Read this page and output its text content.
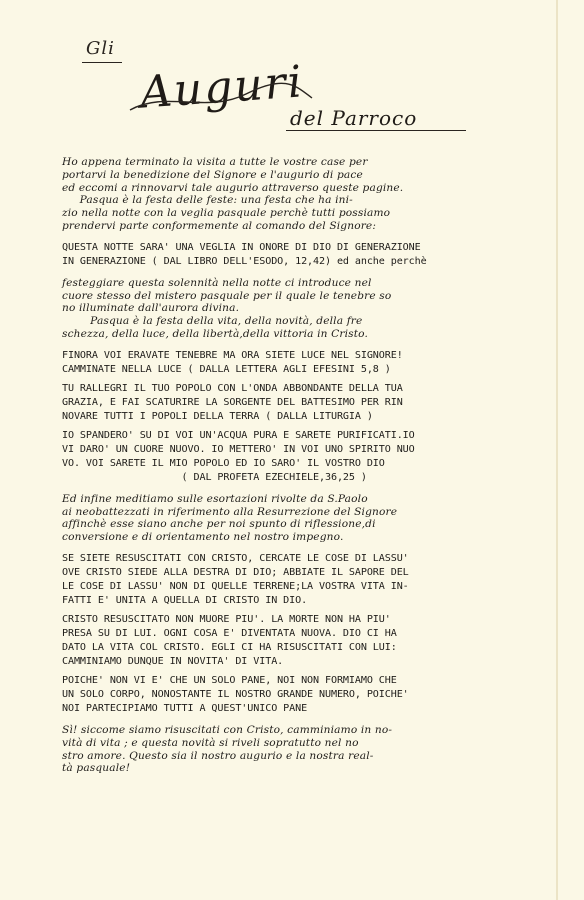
Gli
Auguri
del Parroco
Ho appena terminato la visita a tutte le vostre case per
portarvi la benedizione del Signore e l'augurio di pace
ed eccomi a rinnovarvi tale augurio attraverso queste pagine.
Pasqua è la festa delle feste: una festa che ha ini-
zio nella notte con la veglia pasquale perchè tutti possiamo
prendervi parte conformemente al comando del Signore:
QUESTA NOTTE SARA' UNA VEGLIA IN ONORE DI DIO DI GENERAZIONE
IN GENERAZIONE ( DAL LIBRO DELL'ESODO, 12,42) ed anche perchè
festeggiare questa solennità nella notte ci introduce nel
cuore stesso del mistero pasquale per il quale le tenebre so
no illuminate dall'aurora divina.
Pasqua è la festa della vita, della novità, della fre
schezza, della luce, della libertà,della vittoria in Cristo.
FINORA VOI ERAVATE TENEBRE MA ORA SIETE LUCE NEL SIGNORE!
CAMMINATE NELLA LUCE ( DALLA LETTERA AGLI EFESINI 5,8 )
TU RALLEGRI IL TUO POPOLO CON L'ONDA ABBONDANTE DELLA TUA
GRAZIA, E FAI SCATURIRE LA SORGENTE DEL BATTESIMO PER RIN
NOVARE TUTTI I POPOLI DELLA TERRA ( DALLA LITURGIA )
IO SPANDERO' SU DI VOI UN'ACQUA PURA E SARETE PURIFICATI.IO
VI DARO' UN CUORE NUOVO. IO METTERO' IN VOI UNO SPIRITO NUO
VO. VOI SARETE IL MIO POPOLO ED IO SARO' IL VOSTRO DIO
( DAL PROFETA EZECHIELE,36,25 )
Ed infine meditiamo sulle esortazioni rivolte da S.Paolo
ai neobattezzati in riferimento alla Resurrezione del Signore
affinchè esse siano anche per noi spunto di riflessione,di
conversione e di orientamento nel nostro impegno.
SE SIETE RESUSCITATI CON CRISTO, CERCATE LE COSE DI LASSU'
OVE CRISTO SIEDE ALLA DESTRA DI DIO; ABBIATE IL SAPORE DEL
LE COSE DI LASSU' NON DI QUELLE TERRENE;LA VOSTRA VITA IN-
FATTI E' UNITA A QUELLA DI CRISTO IN DIO.
CRISTO RESUSCITATO NON MUORE PIU'. LA MORTE NON HA PIU'
PRESA SU DI LUI. OGNI COSA E' DIVENTATA NUOVA. DIO CI HA
DATO LA VITA COL CRISTO. EGLI CI HA RISUSCITATI CON LUI:
CAMMINIAMO DUNQUE IN NOVITA' DI VITA.
POICHE' NON VI E' CHE UN SOLO PANE, NOI NON FORMIAMO CHE
UN SOLO CORPO, NONOSTANTE IL NOSTRO GRANDE NUMERO, POICHE'
NOI PARTECIPIAMO TUTTI A QUEST'UNICO PANE
Sì! siccome siamo risuscitati con Cristo, camminiamo in no-
vità di vita ; e questa novità si riveli sopratutto nel no
stro amore. Questo sia il nostro augurio e la nostra real-
tà pasquale!
